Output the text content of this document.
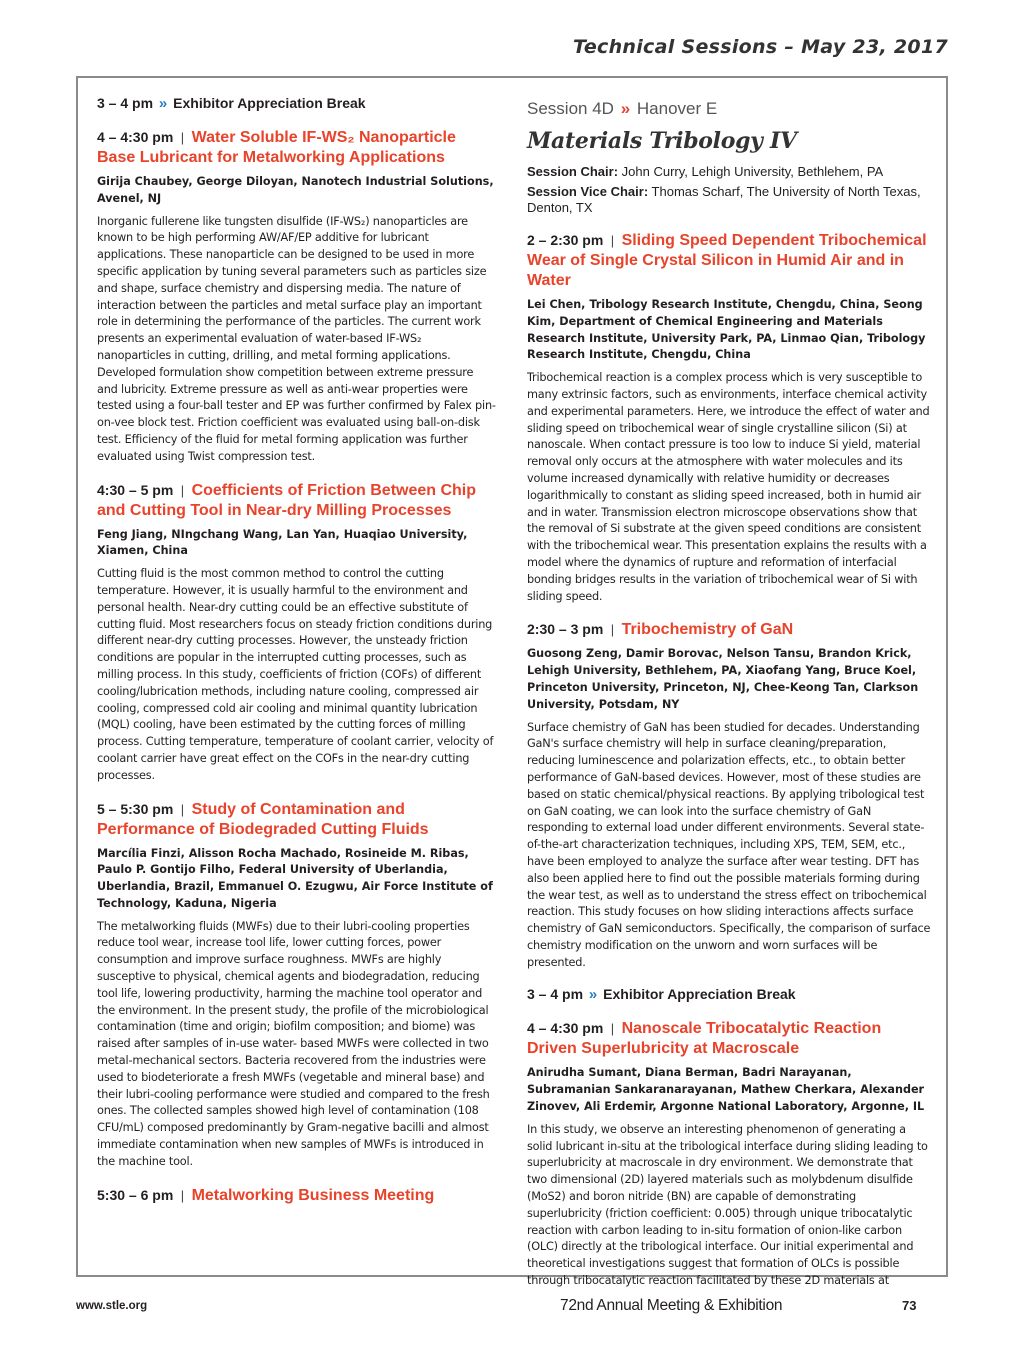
Technical Sessions – May 23, 2017
3 – 4 pm » Exhibitor Appreciation Break
4 – 4:30 pm | Water Soluble IF-WS₂ Nanoparticle Base Lubricant for Metalworking Applications
Girija Chaubey, George Diloyan, Nanotech Industrial Solutions, Avenel, NJ
Inorganic fullerene like tungsten disulfide (IF-WS₂) nanoparticles are known to be high performing AW/AF/EP additive for lubricant applications. These nanoparticle can be designed to be used in more specific application by tuning several parameters such as particles size and shape, surface chemistry and dispersing media. The nature of interaction between the particles and metal surface play an important role in determining the performance of the particles. The current work presents an experimental evaluation of water-based IF-WS₂ nanoparticles in cutting, drilling, and metal forming applications. Developed formulation show competition between extreme pressure and lubricity. Extreme pressure as well as anti-wear properties were tested using a four-ball tester and EP was further confirmed by Falex pin-on-vee block test. Friction coefficient was evaluated using ball-on-disk test. Efficiency of the fluid for metal forming application was further evaluated using Twist compression test.
4:30 – 5 pm | Coefficients of Friction Between Chip and Cutting Tool in Near-dry Milling Processes
Feng Jiang, NIngchang Wang, Lan Yan, Huaqiao University, Xiamen, China
Cutting fluid is the most common method to control the cutting temperature. However, it is usually harmful to the environment and personal health. Near-dry cutting could be an effective substitute of cutting fluid. Most researchers focus on steady friction conditions during different near-dry cutting processes. However, the unsteady friction conditions are popular in the interrupted cutting processes, such as milling process. In this study, coefficients of friction (COFs) of different cooling/lubrication methods, including nature cooling, compressed air cooling, compressed cold air cooling and minimal quantity lubrication (MQL) cooling, have been estimated by the cutting forces of milling process. Cutting temperature, temperature of coolant carrier, velocity of coolant carrier have great effect on the COFs in the near-dry cutting processes.
5 – 5:30 pm | Study of Contamination and Performance of Biodegraded Cutting Fluids
Marcília Finzi, Alisson Rocha Machado, Rosineide M. Ribas, Paulo P. Gontijo Filho, Federal University of Uberlandia, Uberlandia, Brazil, Emmanuel O. Ezugwu, Air Force Institute of Technology, Kaduna, Nigeria
The metalworking fluids (MWFs) due to their lubri-cooling properties reduce tool wear, increase tool life, lower cutting forces, power consumption and improve surface roughness. MWFs are highly susceptive to physical, chemical agents and biodegradation, reducing tool life, lowering productivity, harming the machine tool operator and the environment. In the present study, the profile of the microbiological contamination (time and origin; biofilm composition; and biome) was raised after samples of in-use water- based MWFs were collected in two metal-mechanical sectors. Bacteria recovered from the industries were used to biodeteriorate a fresh MWFs (vegetable and mineral base) and their lubri-cooling performance were studied and compared to the fresh ones. The collected samples showed high level of contamination (108 CFU/mL) composed predominantly by Gram-negative bacilli and almost immediate contamination when new samples of MWFs is introduced in the machine tool.
5:30 – 6 pm | Metalworking Business Meeting
Session 4D » Hanover E
Materials Tribology IV
Session Chair: John Curry, Lehigh University, Bethlehem, PA
Session Vice Chair: Thomas Scharf, The University of North Texas, Denton, TX
2 – 2:30 pm | Sliding Speed Dependent Tribochemical Wear of Single Crystal Silicon in Humid Air and in Water
Lei Chen, Tribology Research Institute, Chengdu, China, Seong Kim, Department of Chemical Engineering and Materials Research Institute, University Park, PA, Linmao Qian, Tribology Research Institute, Chengdu, China
Tribochemical reaction is a complex process which is very susceptible to many extrinsic factors, such as environments, interface chemical activity and experimental parameters. Here, we introduce the effect of water and sliding speed on tribochemical wear of single crystalline silicon (Si) at nanoscale. When contact pressure is too low to induce Si yield, material removal only occurs at the atmosphere with water molecules and its volume increased dynamically with relative humidity or decreases logarithmically to constant as sliding speed increased, both in humid air and in water. Transmission electron microscope observations show that the removal of Si substrate at the given speed conditions are consistent with the tribochemical wear. This presentation explains the results with a model where the dynamics of rupture and reformation of interfacial bonding bridges results in the variation of tribochemical wear of Si with sliding speed.
2:30 – 3 pm | Tribochemistry of GaN
Guosong Zeng, Damir Borovac, Nelson Tansu, Brandon Krick, Lehigh University, Bethlehem, PA, Xiaofang Yang, Bruce Koel, Princeton University, Princeton, NJ, Chee-Keong Tan, Clarkson University, Potsdam, NY
Surface chemistry of GaN has been studied for decades. Understanding GaN's surface chemistry will help in surface cleaning/preparation, reducing luminescence and polarization effects, etc., to obtain better performance of GaN-based devices. However, most of these studies are based on static chemical/physical reactions. By applying tribological test on GaN coating, we can look into the surface chemistry of GaN responding to external load under different environments. Several state-of-the-art characterization techniques, including XPS, TEM, SEM, etc., have been employed to analyze the surface after wear testing. DFT has also been applied here to find out the possible materials forming during the wear test, as well as to understand the stress effect on tribochemical reaction. This study focuses on how sliding interactions affects surface chemistry of GaN semiconductors. Specifically, the comparison of surface chemistry modification on the unworn and worn surfaces will be presented.
3 – 4 pm » Exhibitor Appreciation Break
4 – 4:30 pm | Nanoscale Tribocatalytic Reaction Driven Superlubricity at Macroscale
Anirudha Sumant, Diana Berman, Badri Narayanan, Subramanian Sankaranarayanan, Mathew Cherkara, Alexander Zinovev, Ali Erdemir, Argonne National Laboratory, Argonne, IL
In this study, we observe an interesting phenomenon of generating a solid lubricant in-situ at the tribological interface during sliding leading to superlubricity at macroscale in dry environment. We demonstrate that two dimensional (2D) layered materials such as molybdenum disulfide (MoS2) and boron nitride (BN) are capable of demonstrating superlubricity (friction coefficient: 0.005) through unique tribocatalytic reaction with carbon leading to in-situ formation of onion-like carbon (OLC) directly at the tribological interface. Our initial experimental and theoretical investigations suggest that formation of OLCs is possible through tribocatalytic reaction facilitated by these 2D materials at
www.stle.org	72nd Annual Meeting & Exhibition	73
